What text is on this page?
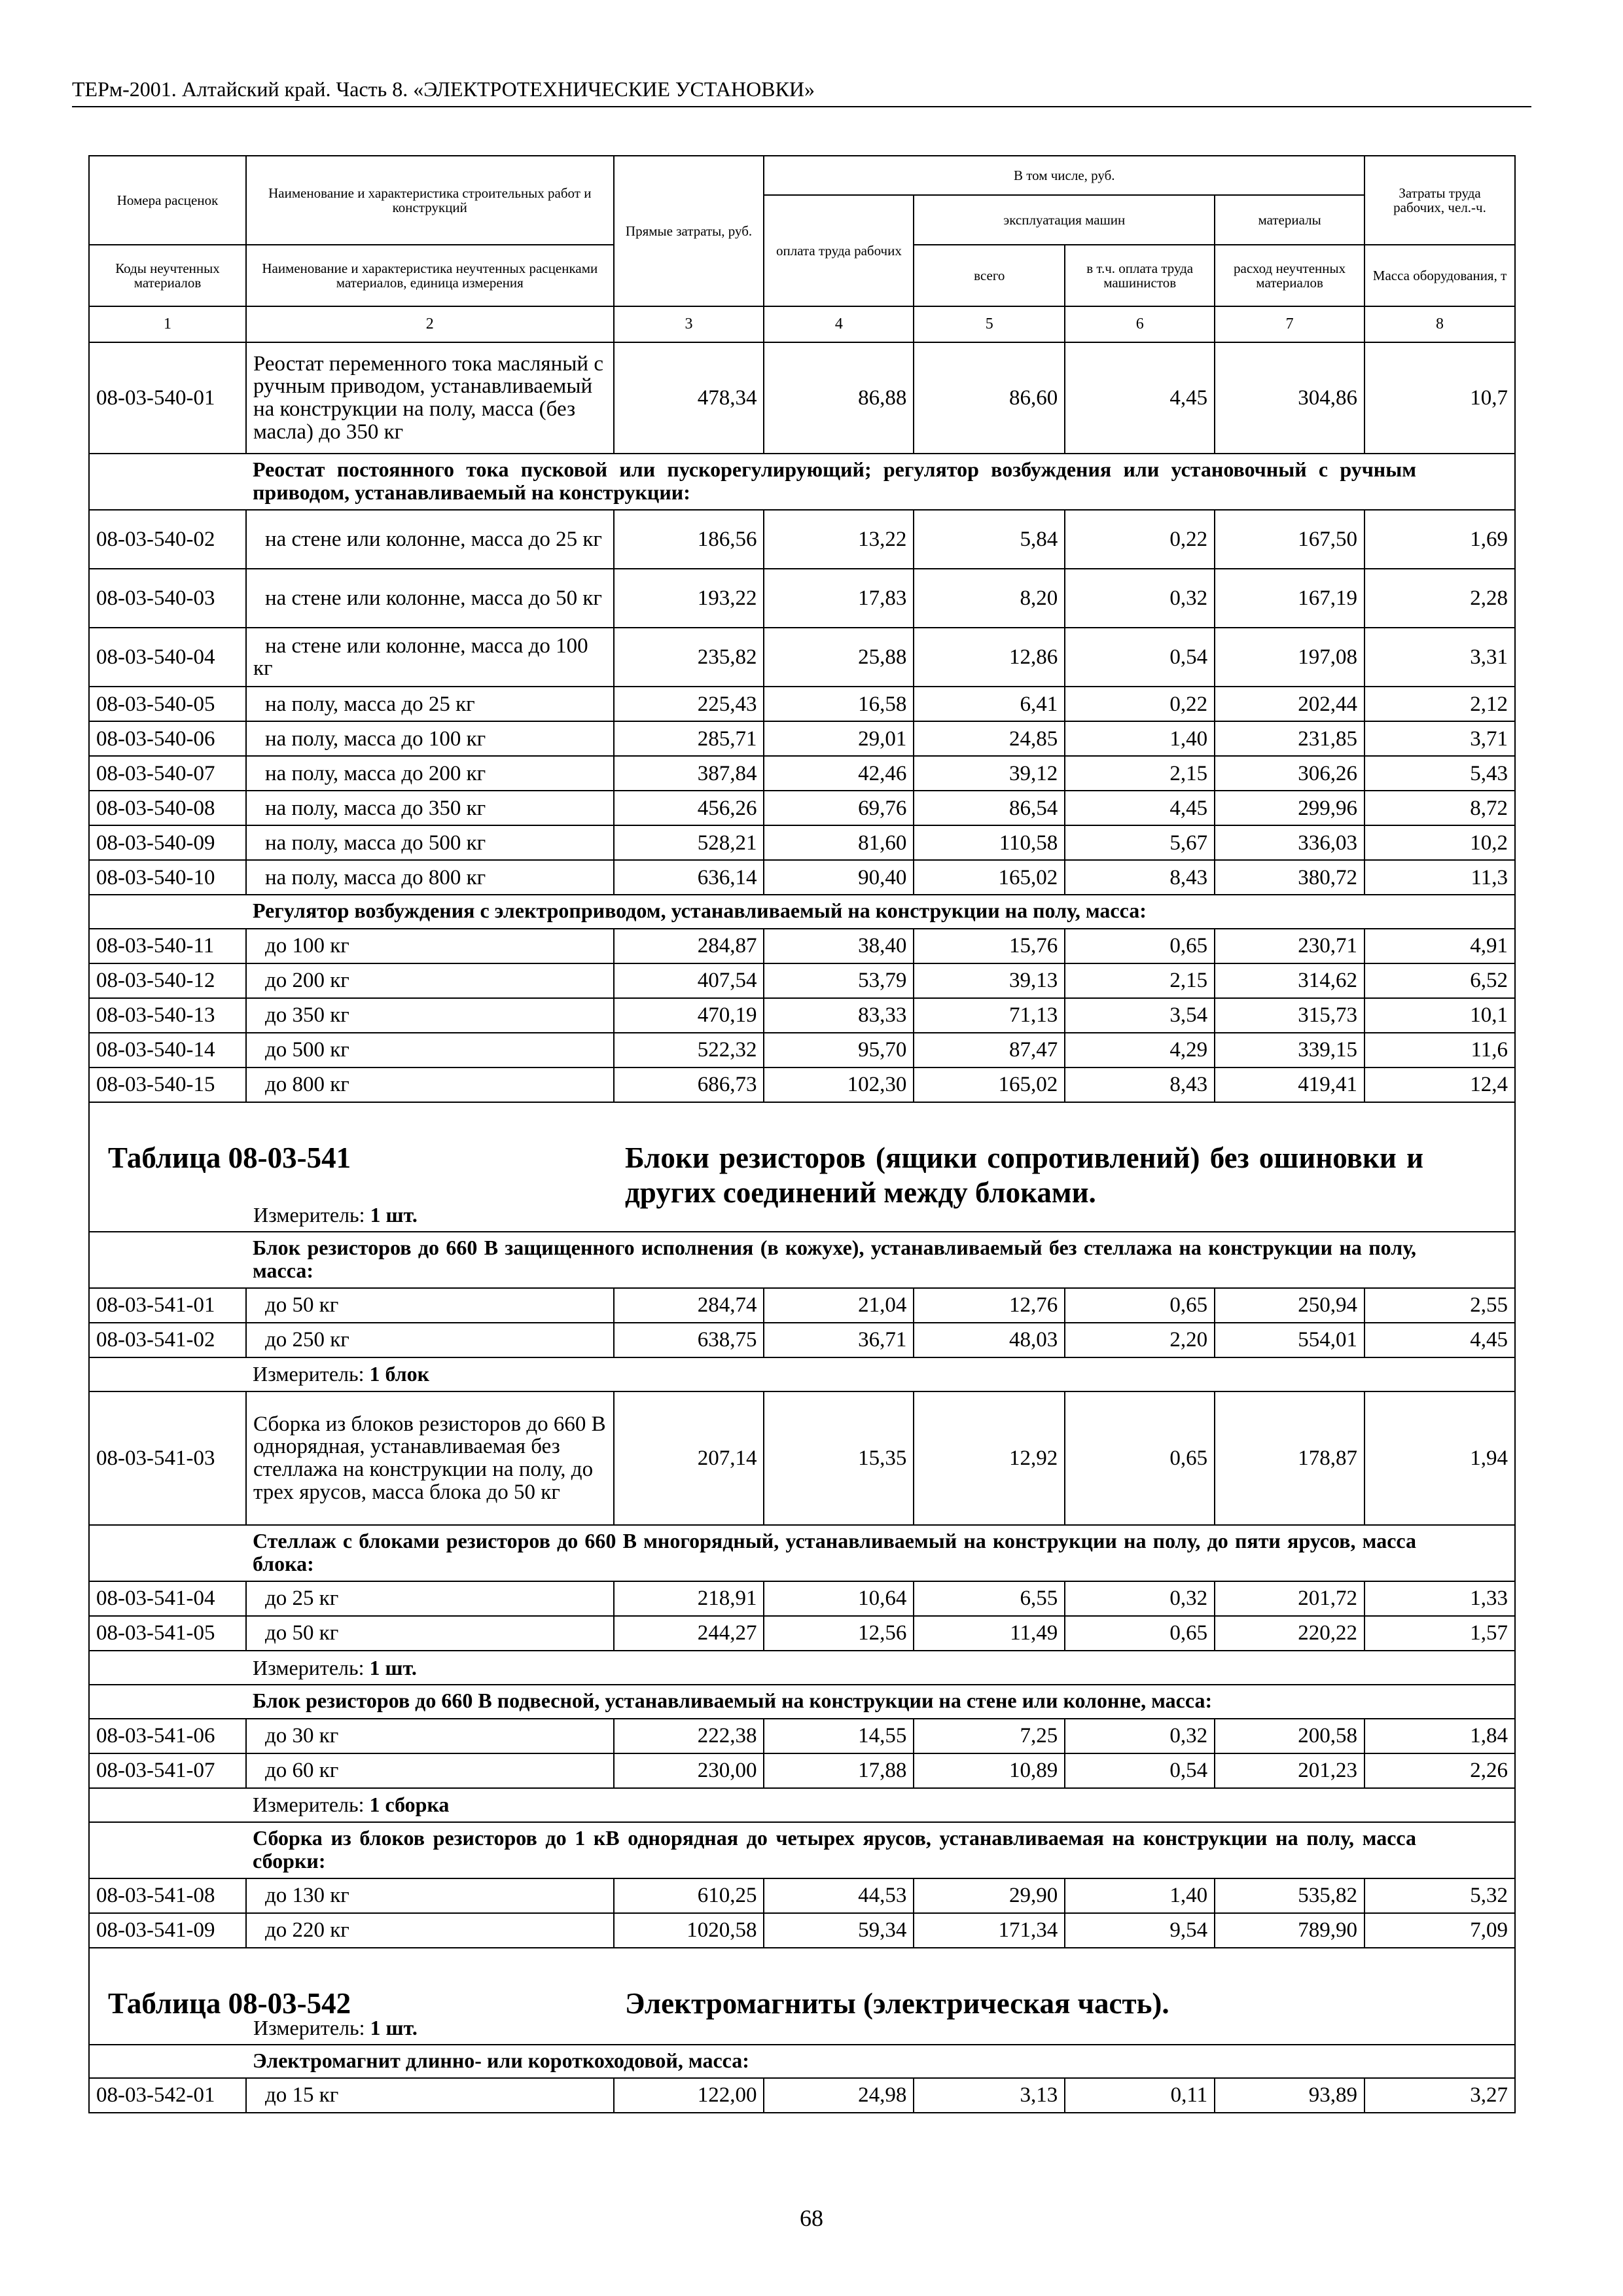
ТЕРм-2001. Алтайский край. Часть 8. «ЭЛЕКТРОТЕХНИЧЕСКИЕ УСТАНОВКИ»
Номера расценок	Наименование и характеристика строительных работ и конструкций	Прямые затраты, руб.	В том числе, руб.				Затраты труда рабочих, чел.-ч.
			оплата труда рабочих	эксплуатация машин		материалы	
Коды неучтенных материалов	Наименование и характеристика неучтенных расценками материалов, единица измерения			всего	в т.ч. оплата труда машинистов	расход неучтенных материалов	Масса оборудования, т
1	2	3	4	5	6	7	8
08-03-540-01	Реостат переменного тока масляный с ручным приводом, устанавливаемый на конструкции на полу, масса (без масла) до 350 кг	478,34	86,88	86,60	4,45	304,86	10,7
	Реостат постоянного тока пусковой или пускорегулирующий; регулятор возбуждения или установочный с ручным приводом, устанавливаемый на конструкции:						
08-03-540-02	на стене или колонне, масса до 25 кг	186,56	13,22	5,84	0,22	167,50	1,69
08-03-540-03	на стене или колонне, масса до 50 кг	193,22	17,83	8,20	0,32	167,19	2,28
08-03-540-04	на стене или колонне, масса до 100 кг	235,82	25,88	12,86	0,54	197,08	3,31
08-03-540-05	на полу, масса до 25 кг	225,43	16,58	6,41	0,22	202,44	2,12
08-03-540-06	на полу, масса до 100 кг	285,71	29,01	24,85	1,40	231,85	3,71
08-03-540-07	на полу, масса до 200 кг	387,84	42,46	39,12	2,15	306,26	5,43
08-03-540-08	на полу, масса до 350 кг	456,26	69,76	86,54	4,45	299,96	8,72
08-03-540-09	на полу, масса до 500 кг	528,21	81,60	110,58	5,67	336,03	10,2
08-03-540-10	на полу, масса до 800 кг	636,14	90,40	165,02	8,43	380,72	11,3
	Регулятор возбуждения с электроприводом, устанавливаемый на конструкции на полу, масса:						
08-03-540-11	до 100 кг	284,87	38,40	15,76	0,65	230,71	4,91
08-03-540-12	до 200 кг	407,54	53,79	39,13	2,15	314,62	6,52
08-03-540-13	до 350 кг	470,19	83,33	71,13	3,54	315,73	10,1
08-03-540-14	до 500 кг	522,32	95,70	87,47	4,29	339,15	11,6
08-03-540-15	до 800 кг	686,73	102,30	165,02	8,43	419,41	12,4

Таблица 08-03-541 Блоки резисторов (ящики сопротивлений) без ошиновки и других соединений между блоками.
Измеритель: 1 шт.							

	Блок резисторов до 660 В защищенного исполнения (в кожухе), устанавливаемый без стеллажа на конструкции на полу, масса:						
08-03-541-01	до 50 кг	284,74	21,04	12,76	0,65	250,94	2,55
08-03-541-02	до 250 кг	638,75	36,71	48,03	2,20	554,01	4,45
	Измеритель: 1 блок						
08-03-541-03	Сборка из блоков резисторов до 660 В однорядная, устанавливаемая без стеллажа на конструкции на полу, до трех ярусов, масса блока до 50 кг	207,14	15,35	12,92	0,65	178,87	1,94
	Стеллаж с блоками резисторов до 660 В многорядный, устанавливаемый на конструкции на полу, до пяти ярусов, масса блока:						
08-03-541-04	до 25 кг	218,91	10,64	6,55	0,32	201,72	1,33
08-03-541-05	до 50 кг	244,27	12,56	11,49	0,65	220,22	1,57
	Измеритель: 1 шт.						
	Блок резисторов до 660 В подвесной, устанавливаемый на конструкции на стене или колонне, масса:						
08-03-541-06	до 30 кг	222,38	14,55	7,25	0,32	200,58	1,84
08-03-541-07	до 60 кг	230,00	17,88	10,89	0,54	201,23	2,26
	Измеритель: 1 сборка						
	Сборка из блоков резисторов до 1 кВ однорядная до четырех ярусов, устанавливаемая на конструкции на полу, масса сборки:						
08-03-541-08	до 130 кг	610,25	44,53	29,90	1,40	535,82	5,32
08-03-541-09	до 220 кг	1020,58	59,34	171,34	9,54	789,90	7,09

Таблица 08-03-542 Электромагниты (электрическая часть).
Измеритель: 1 шт.							

	Электромагнит длинно- или короткоходовой, масса:						
08-03-542-01	до 15 кг	122,00	24,98	3,13	0,11	93,89	3,27
68
